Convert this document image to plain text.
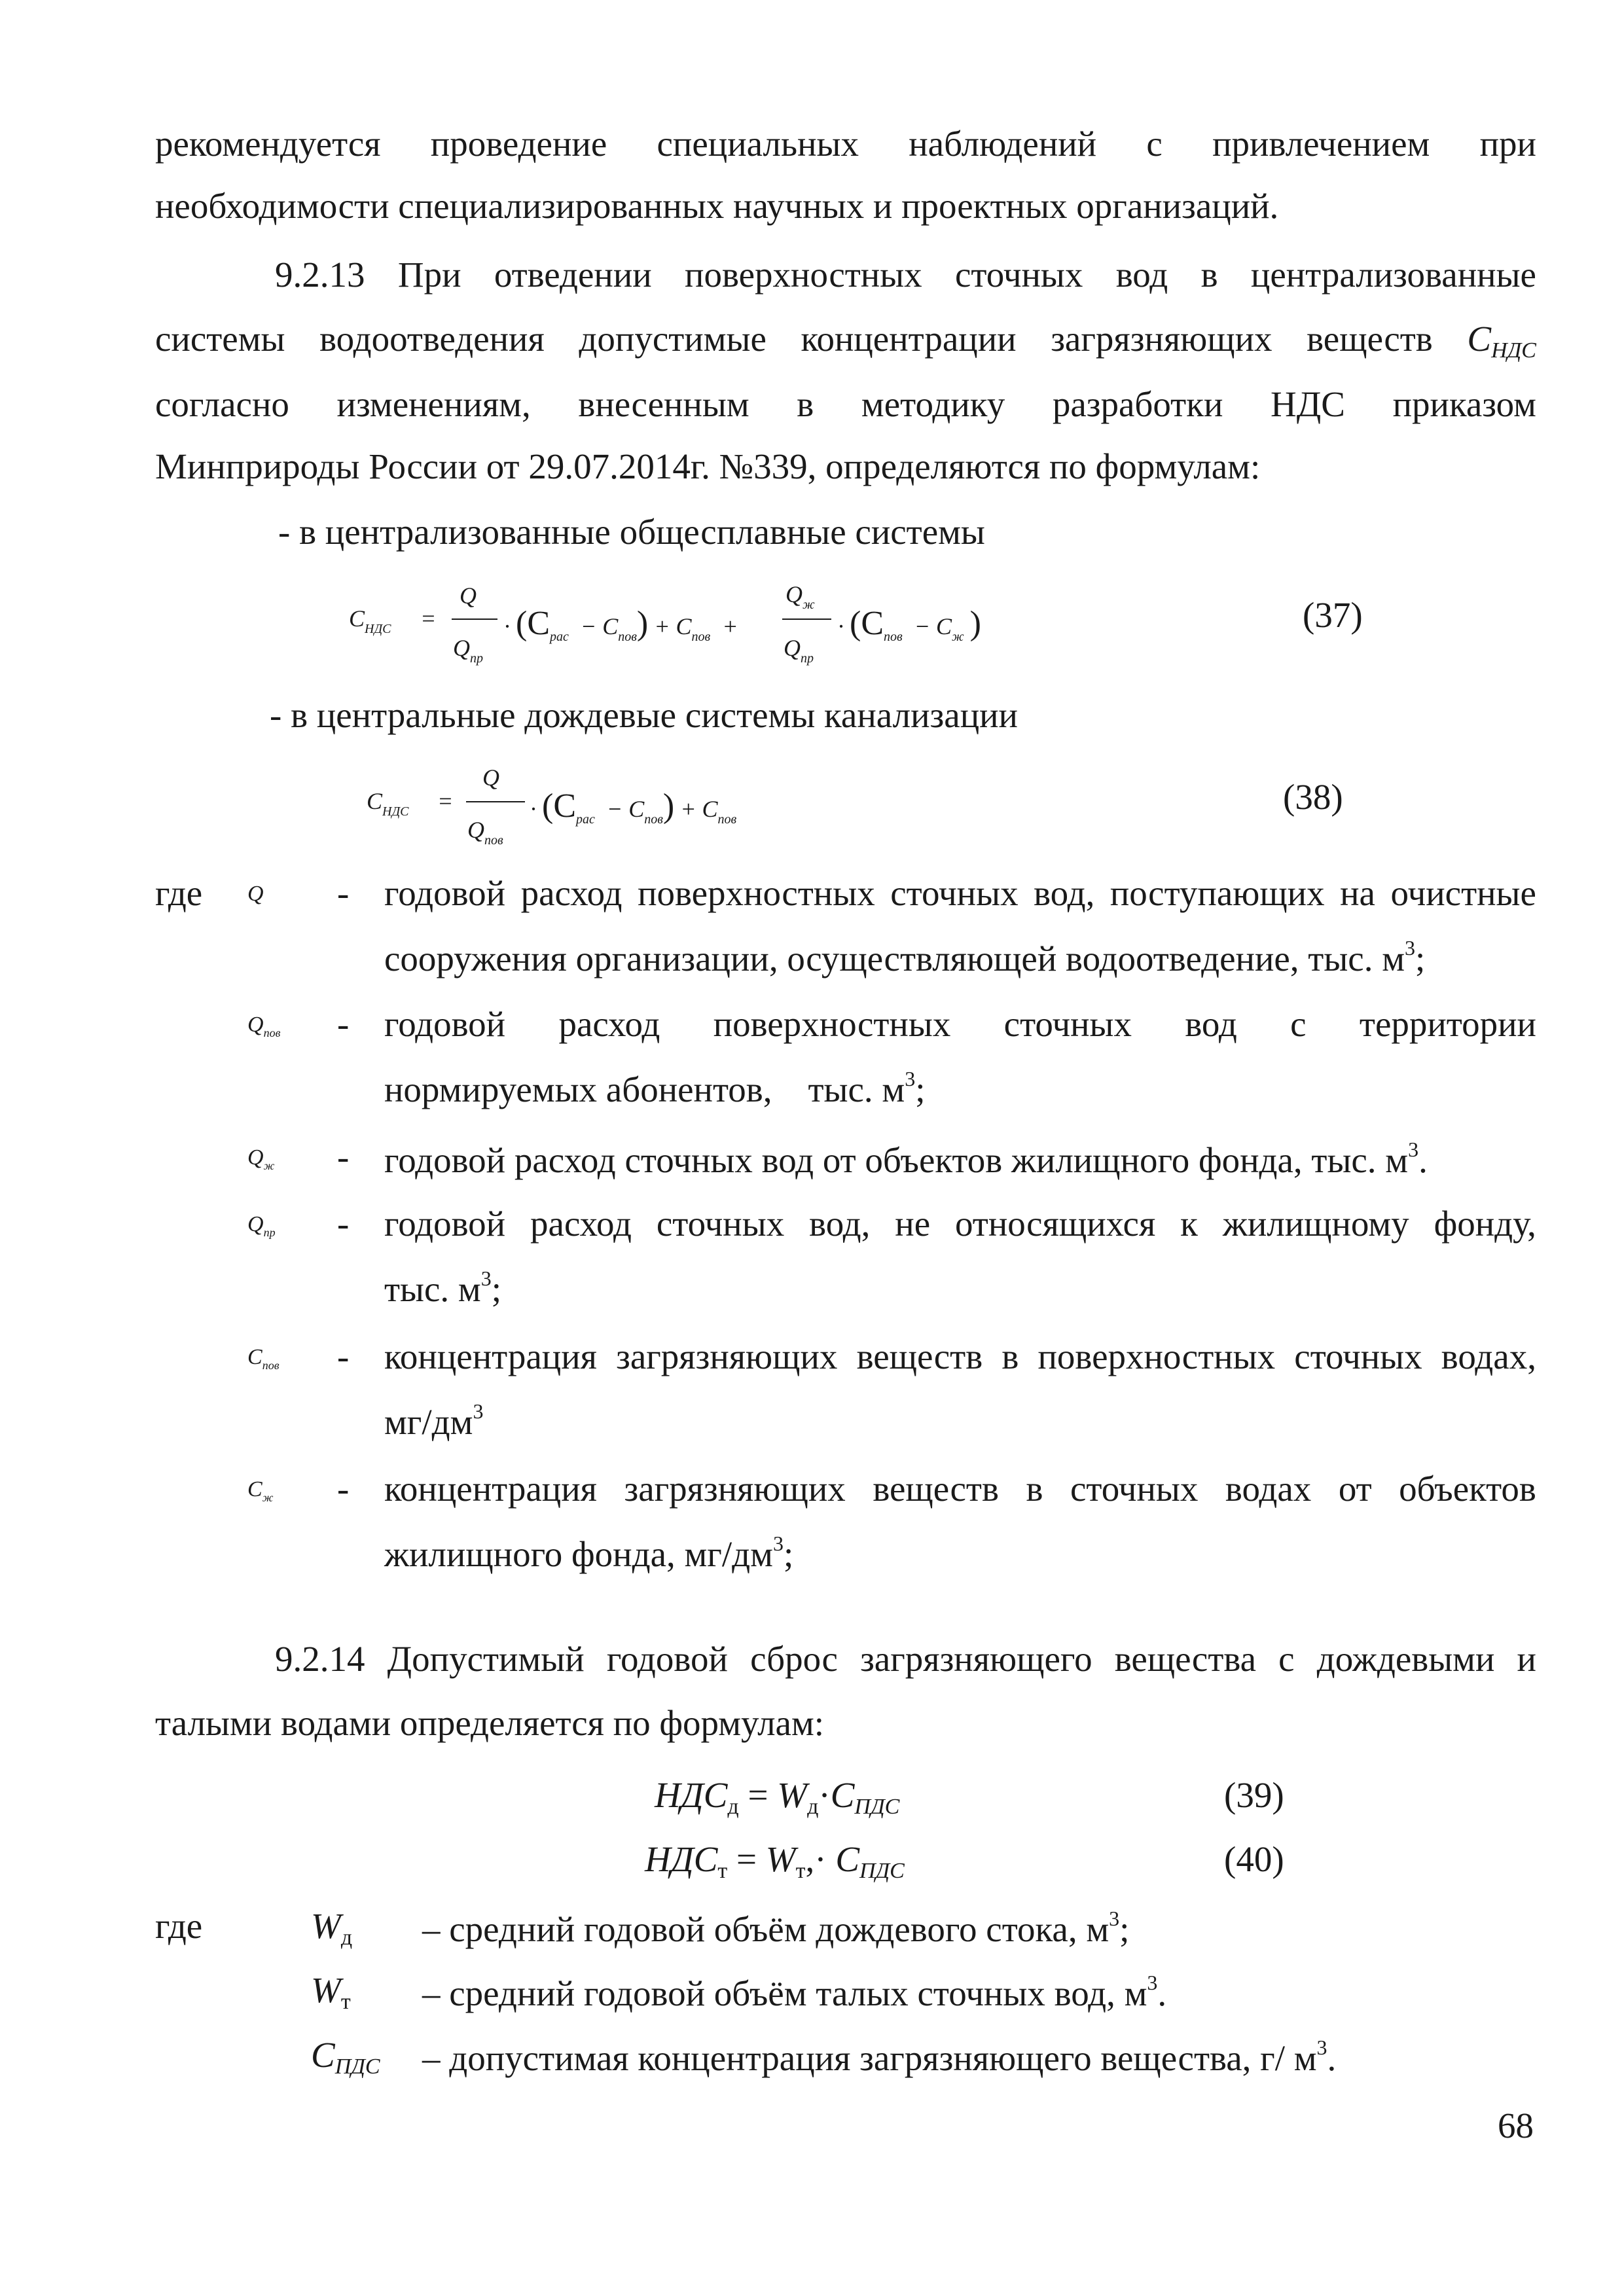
рекомендуется проведение специальных наблюдений с привлечением при
необходимости специализированных научных и проектных организаций.
9.2.13 При отведении поверхностных сточных вод в централизованные
системы водоотведения допустимые концентрации загрязняющих веществ $C_{НДС}$
согласно изменениям, внесенным в методику разработки НДС приказом
Минприроды России от 29.07.2014г. №339, определяются по формулам:
- в централизованные общесплавные системы
$C_{НДС}$ =
Q
$Q_{пр}$
· $(C_{рас} - C_{пов}) + C_{пов}$ +
$Q_ж$
$Q_{пр}$
· ($C_{пов} - C_ж$ )	(37)
- в центральные дождевые системы канализации
$C_{НДС}$ =
Q
$Q_{пов}$
· $(C_{рас} - C_{пов}) + C_{пов}$
(38)
где Q - годовой расход поверхностных сточных вод, поступающих на очистные
сооружения организации, осуществляющей водоотведение, тыс. $м^3$;
$Q_{пов}$ - годовой расход поверхностных сточных вод с территории
нормируемых абонентов,    тыс. $м^3$;
$Q_ж$ - годовой расход сточных вод от объектов жилищного фонда, тыс. $м^3$.
$Q_{пр}$ - годовой расход сточных вод, не относящихся к жилищному фонду,
тыс. $м^3$;
$C_{пов}$ - концентрация загрязняющих веществ в поверхностных сточных водах,
$мг/дм^3$
$C_ж$ - концентрация загрязняющих веществ в сточных водах от объектов
жилищного фонда, $мг/дм^3$;
9.2.14 Допустимый годовой сброс загрязняющего вещества с дождевыми и
талыми водами определяется по формулам:
$НДС_д = W_д\cdot C_{ПДС}$	(39)
$НДС_т = W_т,\cdot C_{ПДС}$	(40)
где	$W_д$ – средний годовой объём дождевого стока, $м^3$;
$W_т$ – средний годовой объём талых сточных вод, $м^3$.
$C_{ПДС}$ – допустимая концентрация загрязняющего вещества, г/ $м^3$.
68
